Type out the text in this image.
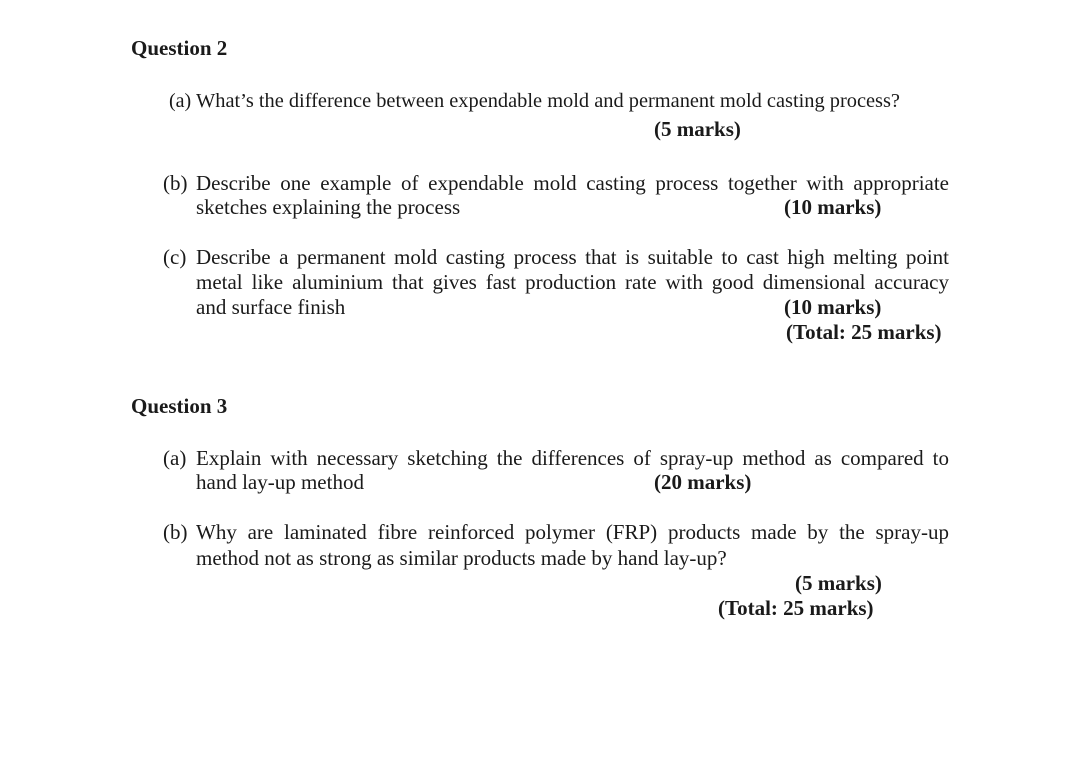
Question 2
(a) What’s the difference between expendable mold and permanent mold casting process?
(5 marks)
(b) Describe one example of expendable mold casting process together with appropriate
sketches explaining the process	(10 marks)
(c) Describe a permanent mold casting process that is suitable to cast high melting point
metal like aluminium that gives fast production rate with good dimensional accuracy
and surface finish	(10 marks)
(Total: 25 marks)
Question 3
(a) Explain with necessary sketching the differences of spray-up method as compared to
hand lay-up method	(20 marks)
(b) Why are laminated fibre reinforced polymer (FRP) products made by the spray-up
method not as strong as similar products made by hand lay-up?
(5 marks)
(Total: 25 marks)
